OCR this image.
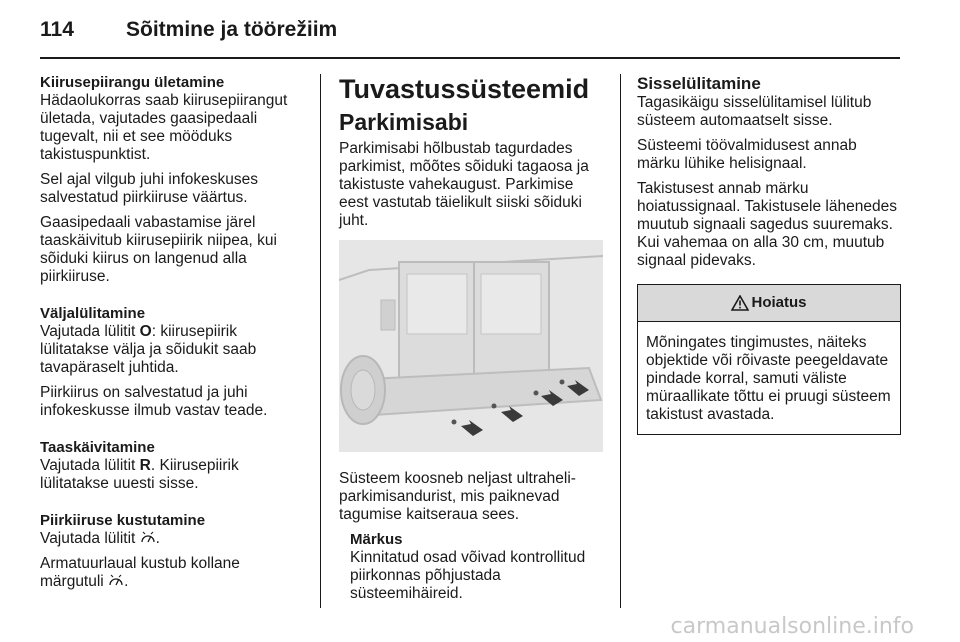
114 Sõitmine ja töörežiim
Kiirusepiirangu ületamine

Hädaolukorras saab kiirusepiirangut ületada, vajutades gaasipedaali tugevalt, nii et see mööduks takistuspunktist.

Sel ajal vilgub juhi infokeskuses salvestatud piirkiiruse väärtus.

Gaasipedaali vabastamise järel taaskäivitub kiirusepiirik niipea, kui sõiduki kiirus on langenud alla piirkiiruse.

Väljalülitamine

Vajutada lülitit O: kiirusepiirik lülitatakse välja ja sõidukit saab tavapäraselt juhtida.

Piirkiirus on salvestatud ja juhi infokeskusse ilmub vastav teade.

Taaskäivitamine

Vajutada lülitit R. Kiirusepiirik lülitatakse uuesti sisse.

Piirkiiruse kustutamine

Vajutada lülitit .

Armatuurlaual kustub kollane märgutuli .

Tuvastussüsteemid
Parkimisabi

Parkimisabi hõlbustab tagurdades parkimist, mõõtes sõiduki tagaosa ja takistuste vahekaugust. Parkimise eest vastutab täielikult siiski sõiduki juht.

Süsteem koosneb neljast ultraheli-parkimisandurist, mis paiknevad tagumise kaitseraua sees.

Märkus
Kinnitatud osad võivad kontrollitud piirkonnas põhjustada süsteemihäireid.
Sisselülitamine

Tagasikäigu sisselülitamisel lülitub süsteem automaatselt sisse.

Süsteemi töövalmidusest annab märku lühike helisignaal.

Takistusest annab märku hoiatussignaal. Takistusele lähenedes muutub signaali sagedus suuremaks. Kui vahemaa on alla 30 cm, muutub signaal pidevaks.

Hoiatus
Mõningates tingimustes, näiteks objektide või rõivaste peegeldavate pindade korral, samuti väliste müraallikate tõttu ei pruugi süsteem takistust avastada.
carmanualsonline.info
